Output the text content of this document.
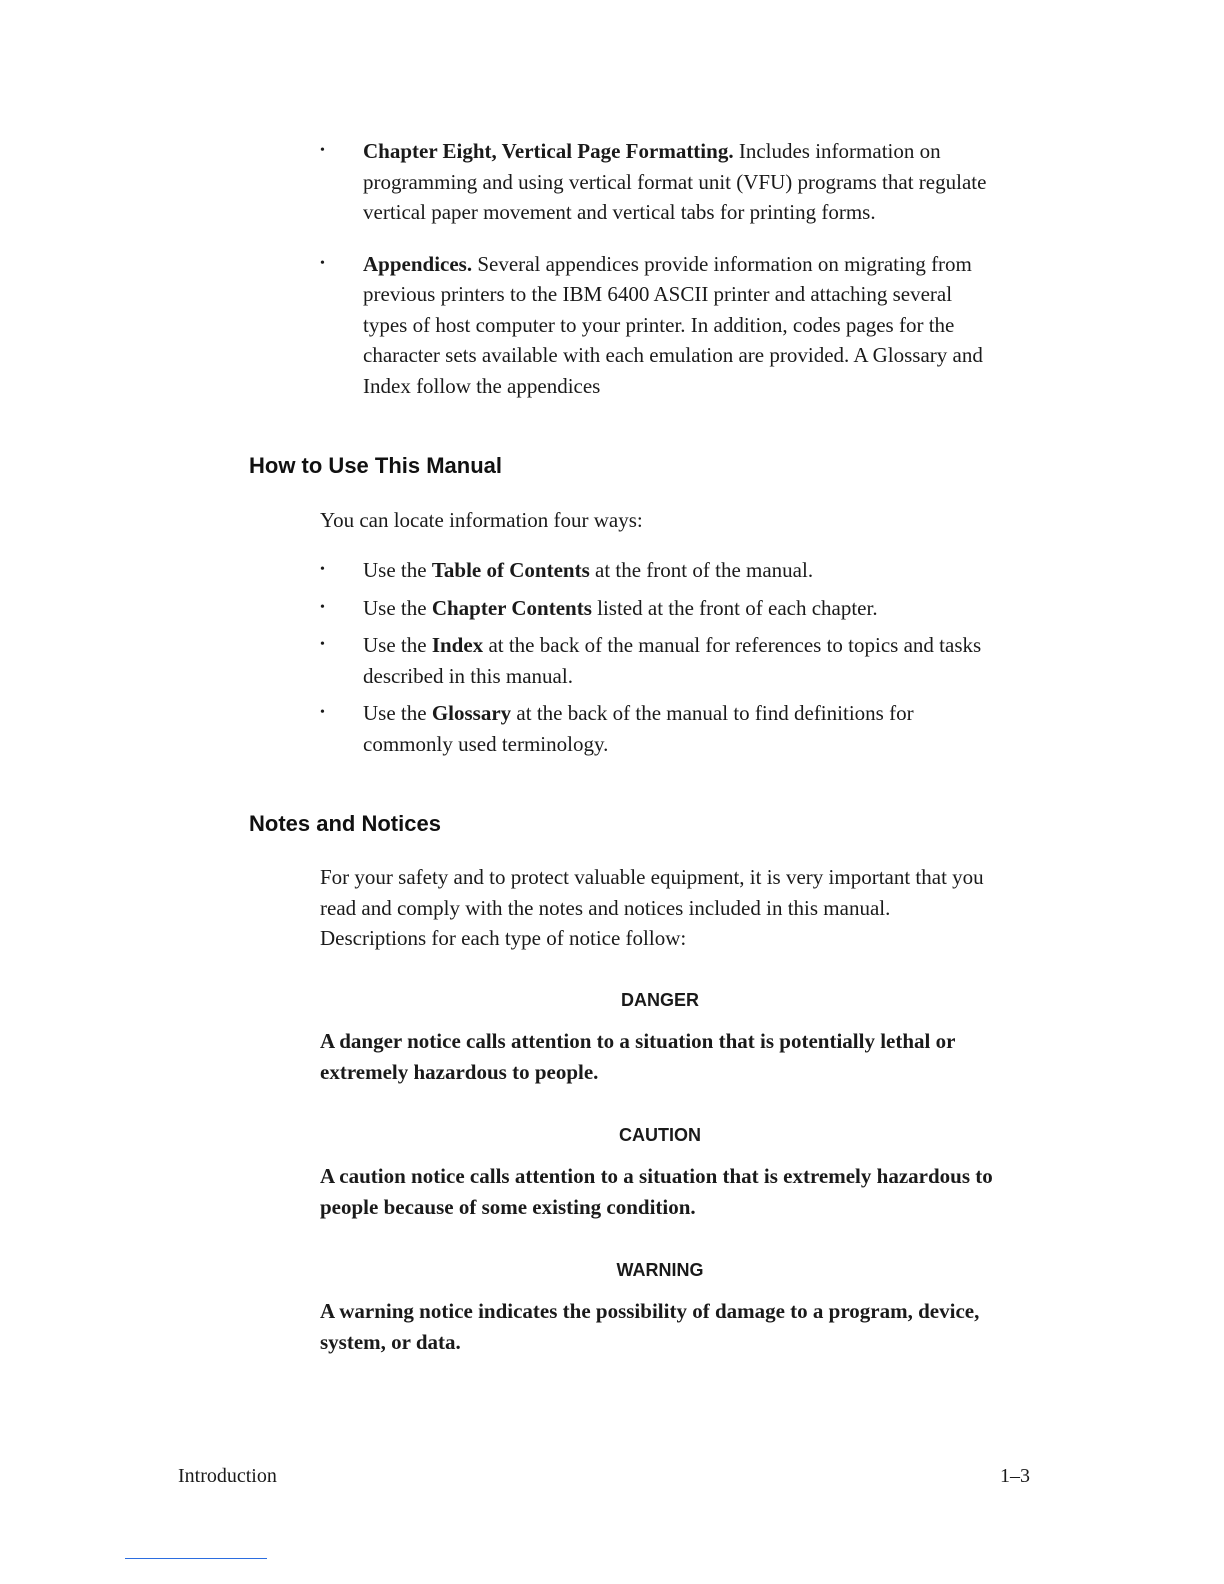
• Chapter Eight, Vertical Page Formatting. Includes information on programming and using vertical format unit (VFU) programs that regulate vertical paper movement and vertical tabs for printing forms.
• Appendices. Several appendices provide information on migrating from previous printers to the IBM 6400 ASCII printer and attaching several types of host computer to your printer. In addition, codes pages for the character sets available with each emulation are provided. A Glossary and Index follow the appendices
How to Use This Manual
You can locate information four ways:
• Use the Table of Contents at the front of the manual.
• Use the Chapter Contents listed at the front of each chapter.
• Use the Index at the back of the manual for references to topics and tasks described in this manual.
• Use the Glossary at the back of the manual to find definitions for commonly used terminology.
Notes and Notices
For your safety and to protect valuable equipment, it is very important that you read and comply with the notes and notices included in this manual. Descriptions for each type of notice follow:
DANGER
A danger notice calls attention to a situation that is potentially lethal or extremely hazardous to people.
CAUTION
A caution notice calls attention to a situation that is extremely hazardous to people because of some existing condition.
WARNING
A warning notice indicates the possibility of damage to a program, device, system, or data.
Introduction	1–3
